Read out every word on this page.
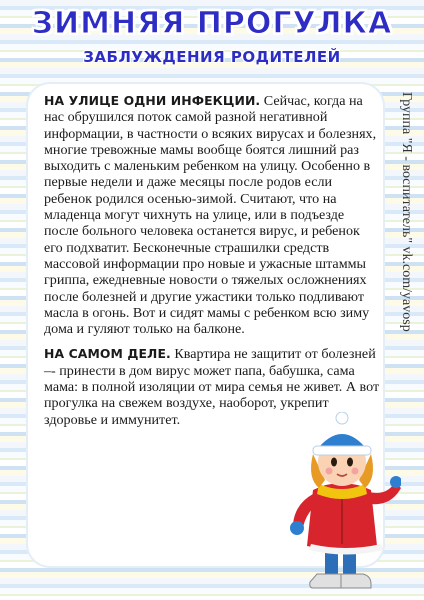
ЗИМНЯЯ ПРОГУЛКА
ЗАБЛУЖДЕНИЯ РОДИТЕЛЕЙ

НА УЛИЦЕ ОДНИ ИНФЕКЦИИ. Сейчас, когда на нас обрушился поток самой разной негативной информации, в частности о всяких вирусах и болезнях, многие тревожные мамы вообще боятся лишний раз выходить с маленьким ребенком на улицу. Особенно в первые недели и даже месяцы после родов если ребенок родился осенью-зимой. Считают, что на младенца могут чихнуть на улице, или в подъезде после больного человека останется вирус, и ребенок его подхватит. Бесконечные страшилки средств массовой информации про новые и ужасные штаммы гриппа, ежедневные новости о тяжелых осложнениях после болезней и другие ужастики только подливают масла в огонь. Вот и сидят мамы с ребенком всю зиму дома и гуляют только на балконе.

НА САМОМ ДЕЛЕ. Квартира не защитит от болезней –- принести в дом вирус может папа, бабушка, сама мама: в полной изоляции от мира семья не живет. А вот прогулка на свежем воздухе, наоборот, укрепит здоровье и иммунитет.

Группа "Я - воспитатель" vk.com/yavosp
